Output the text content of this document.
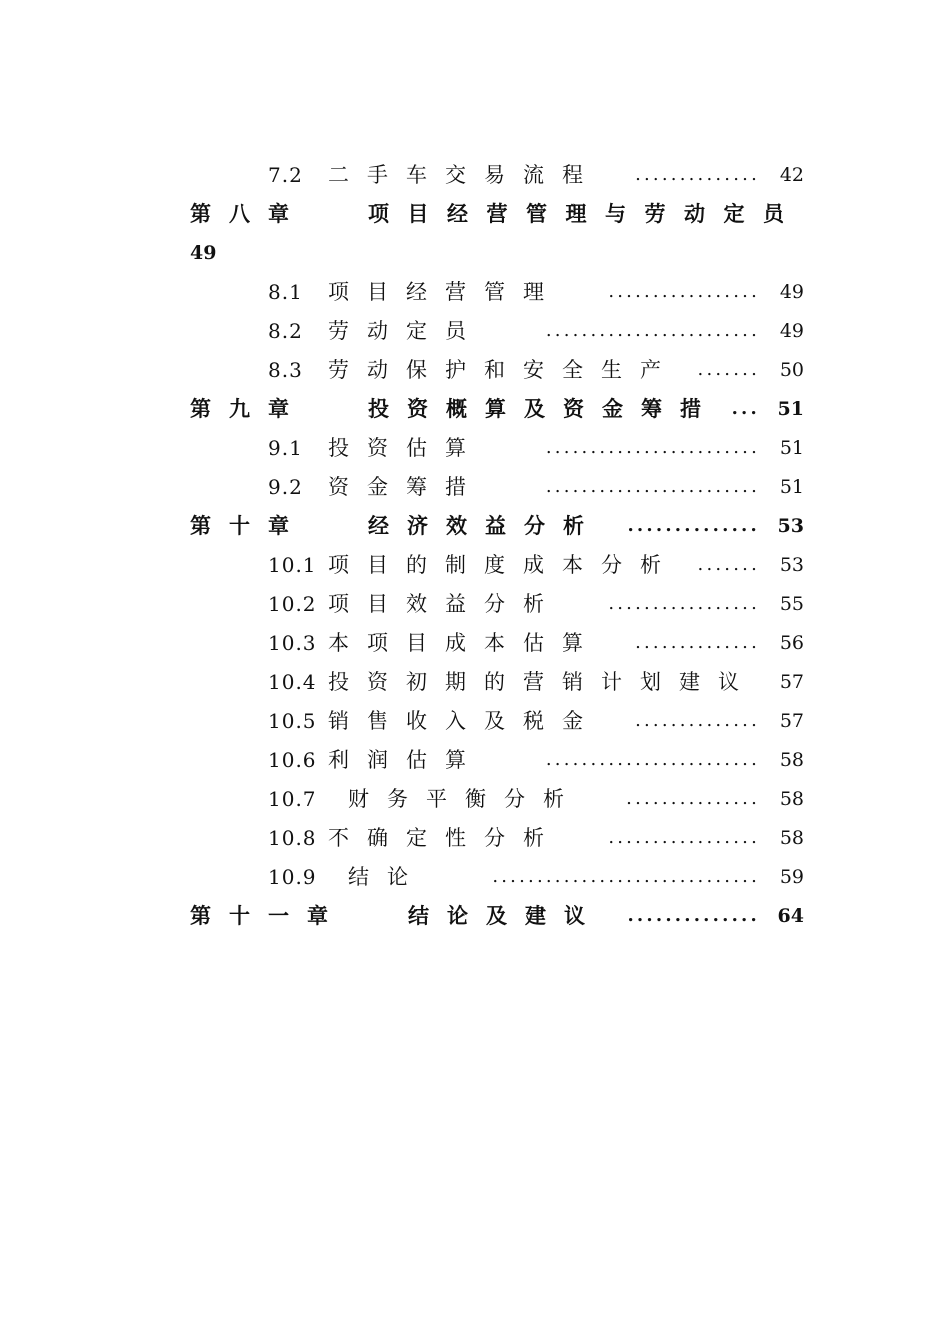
7.2 二手车交易流程	.............. 42
第八章	项目经营管理与劳动定员
49
8.1 项目经营管理	................. 49
8.2 劳动定员	........................ 49
8.3 劳动保护和安全生产	....... 50
第九章	投资概算及资金筹措 ... 51
9.1 投资估算	........................ 51
9.2 资金筹措	........................ 51
第十章	经济效益分析	.............. 53
10.1 项目的制度成本分析	....... 53
10.2 项目效益分析	................. 55
10.3 本项目成本估算	.............. 56
10.4 投资初期的营销计划建议 57
10.5 销售收入及税金	.............. 57
10.6 利润估算	........................ 58
10.7 财务平衡分析	............... 58
10.8 不确定性分析	................. 58
10.9 结论	.............................. 59
第十一章	结论及建议	.............. 64
